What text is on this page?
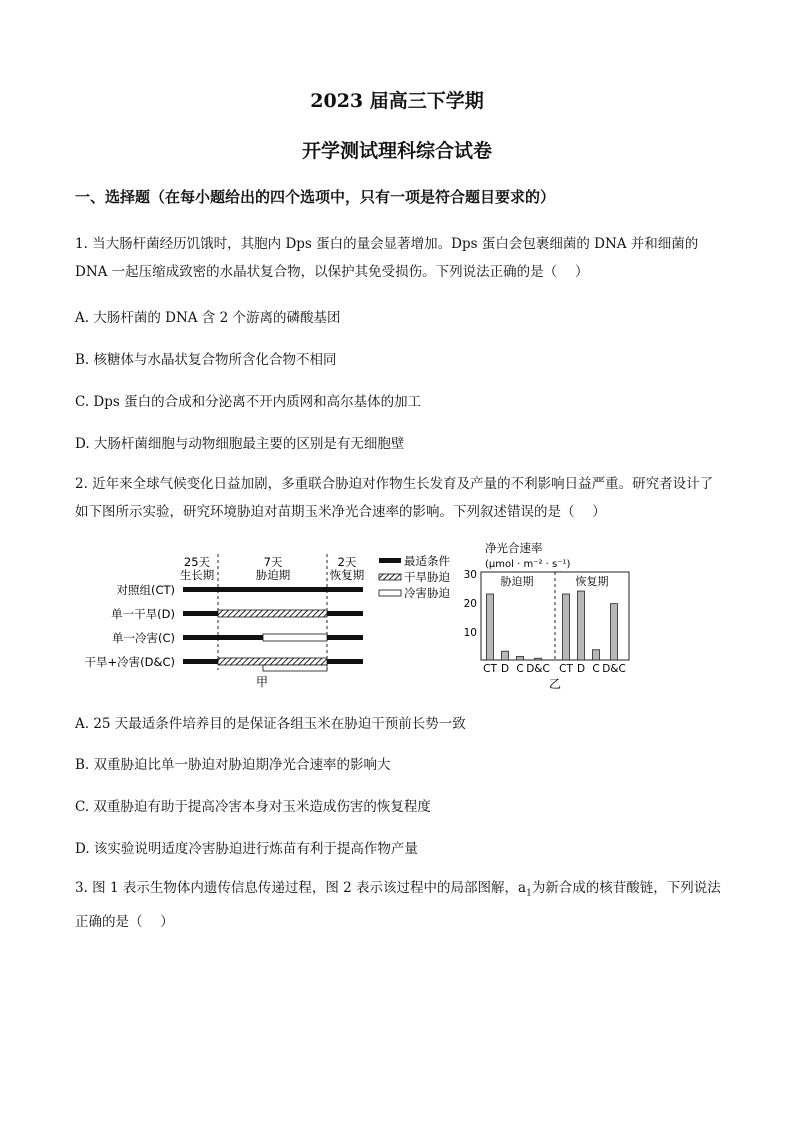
2023 届高三下学期
开学测试理科综合试卷
一、选择题（在每小题给出的四个选项中，只有一项是符合题目要求的）
1. 当大肠杆菌经历饥饿时，其胞内 Dps 蛋白的量会显著增加。Dps 蛋白会包裹细菌的 DNA 并和细菌的 DNA 一起压缩成致密的水晶状复合物，以保护其免受损伤。下列说法正确的是（　 ）
A. 大肠杆菌的 DNA 含 2 个游离的磷酸基团
B. 核糖体与水晶状复合物所含化合物不相同
C. Dps 蛋白的合成和分泌离不开内质网和高尔基体的加工
D. 大肠杆菌细胞与动物细胞最主要的区别是有无细胞壁
2. 近年来全球气候变化日益加剧，多重联合胁迫对作物生长发育及产量的不利影响日益严重。研究者设计了如下图所示实验，研究环境胁迫对苗期玉米净光合速率的影响。下列叙述错误的是（　 ）
25天
生长期
7天
胁迫期
2天
恢复期
对照组(CT)
单一干旱(D)
单一冷害(C)
干旱+冷害(D&C)
最适条件
干旱胁迫
冷害胁迫
甲
净光合速率
(μmol · m⁻² · s⁻¹)
胁迫期	恢复期
30
20
10
CT D C D&C CT D C D&C
乙
A. 25 天最适条件培养目的是保证各组玉米在胁迫干预前长势一致
B. 双重胁迫比单一胁迫对胁迫期净光合速率的影响大
C. 双重胁迫有助于提高冷害本身对玉米造成伤害的恢复程度
D. 该实验说明适度冷害胁迫进行炼苗有利于提高作物产量
3. 图 1 表示生物体内遗传信息传递过程，图 2 表示该过程中的局部图解，$a_1$为新合成的核苷酸链，下列说法正确的是（　 ）
